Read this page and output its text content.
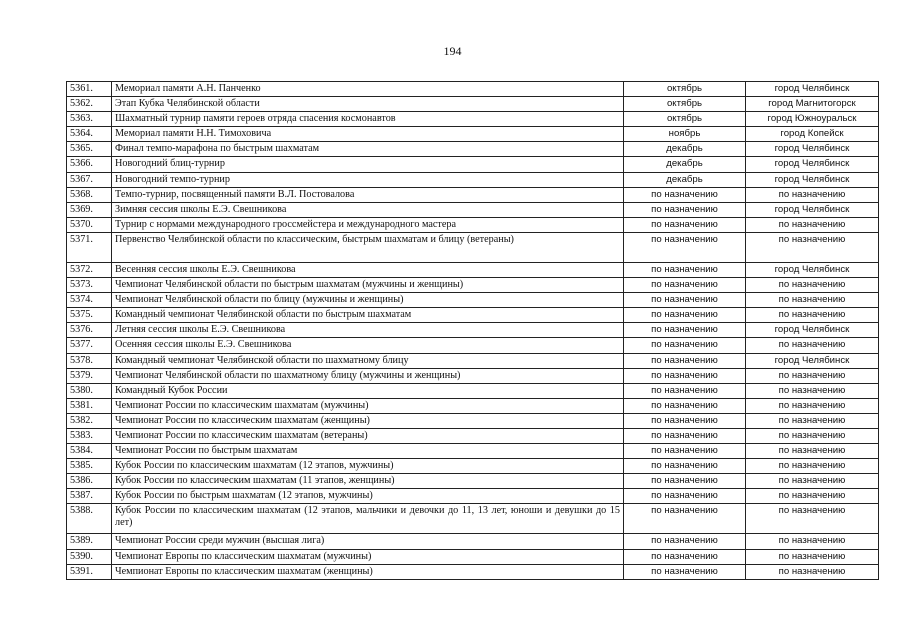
194
5361.	Мемориал памяти А.Н. Панченко	октябрь	город Челябинск
5362.	Этап Кубка Челябинской области	октябрь	город Магнитогорск
5363.	Шахматный турнир памяти героев отряда спасения космонавтов	октябрь	город Южноуральск
5364.	Мемориал памяти Н.Н. Тимоховича	ноябрь	город Копейск
5365.	Финал темпо-марафона по быстрым шахматам	декабрь	город Челябинск
5366.	Новогодний блиц-турнир	декабрь	город Челябинск
5367.	Новогодний темпо-турнир	декабрь	город Челябинск
5368.	Темпо-турнир, посвященный памяти В.Л. Постовалова	по назначению	по назначению
5369.	Зимняя сессия школы Е.Э. Свешникова	по назначению	город Челябинск
5370.	Турнир с нормами международного гроссмейстера и международного мастера	по назначению	по назначению
5371.	Первенство Челябинской области по классическим, быстрым шахматам и блицу (ветераны)	по назначению	по назначению
5372.	Весенняя сессия школы Е.Э. Свешникова	по назначению	город Челябинск
5373.	Чемпионат Челябинской области по быстрым шахматам (мужчины и женщины)	по назначению	по назначению
5374.	Чемпионат Челябинской области по блицу (мужчины и женщины)	по назначению	по назначению
5375.	Командный чемпионат Челябинской области по быстрым шахматам	по назначению	по назначению
5376.	Летняя сессия школы Е.Э. Свешникова	по назначению	город Челябинск
5377.	Осенняя сессия школы Е.Э. Свешникова	по назначению	по назначению
5378.	Командный чемпионат Челябинской области по шахматному блицу	по назначению	город Челябинск
5379.	Чемпионат Челябинской области по шахматному блицу (мужчины и женщины)	по назначению	по назначению
5380.	Командный Кубок России	по назначению	по назначению
5381.	Чемпионат России по классическим шахматам (мужчины)	по назначению	по назначению
5382.	Чемпионат России по классическим шахматам (женщины)	по назначению	по назначению
5383.	Чемпионат России по классическим шахматам (ветераны)	по назначению	по назначению
5384.	Чемпионат России по быстрым шахматам	по назначению	по назначению
5385.	Кубок России по классическим шахматам (12 этапов, мужчины)	по назначению	по назначению
5386.	Кубок России по классическим шахматам (11 этапов, женщины)	по назначению	по назначению
5387.	Кубок России по быстрым шахматам (12 этапов, мужчины)	по назначению	по назначению
5388.	Кубок России по классическим шахматам (12 этапов, мальчики и девочки до 11, 13 лет, юноши и девушки до 15 лет)	по назначению	по назначению
5389.	Чемпионат России среди мужчин (высшая лига)	по назначению	по назначению
5390.	Чемпионат Европы по классическим шахматам (мужчины)	по назначению	по назначению
5391.	Чемпионат Европы по классическим шахматам (женщины)	по назначению	по назначению
